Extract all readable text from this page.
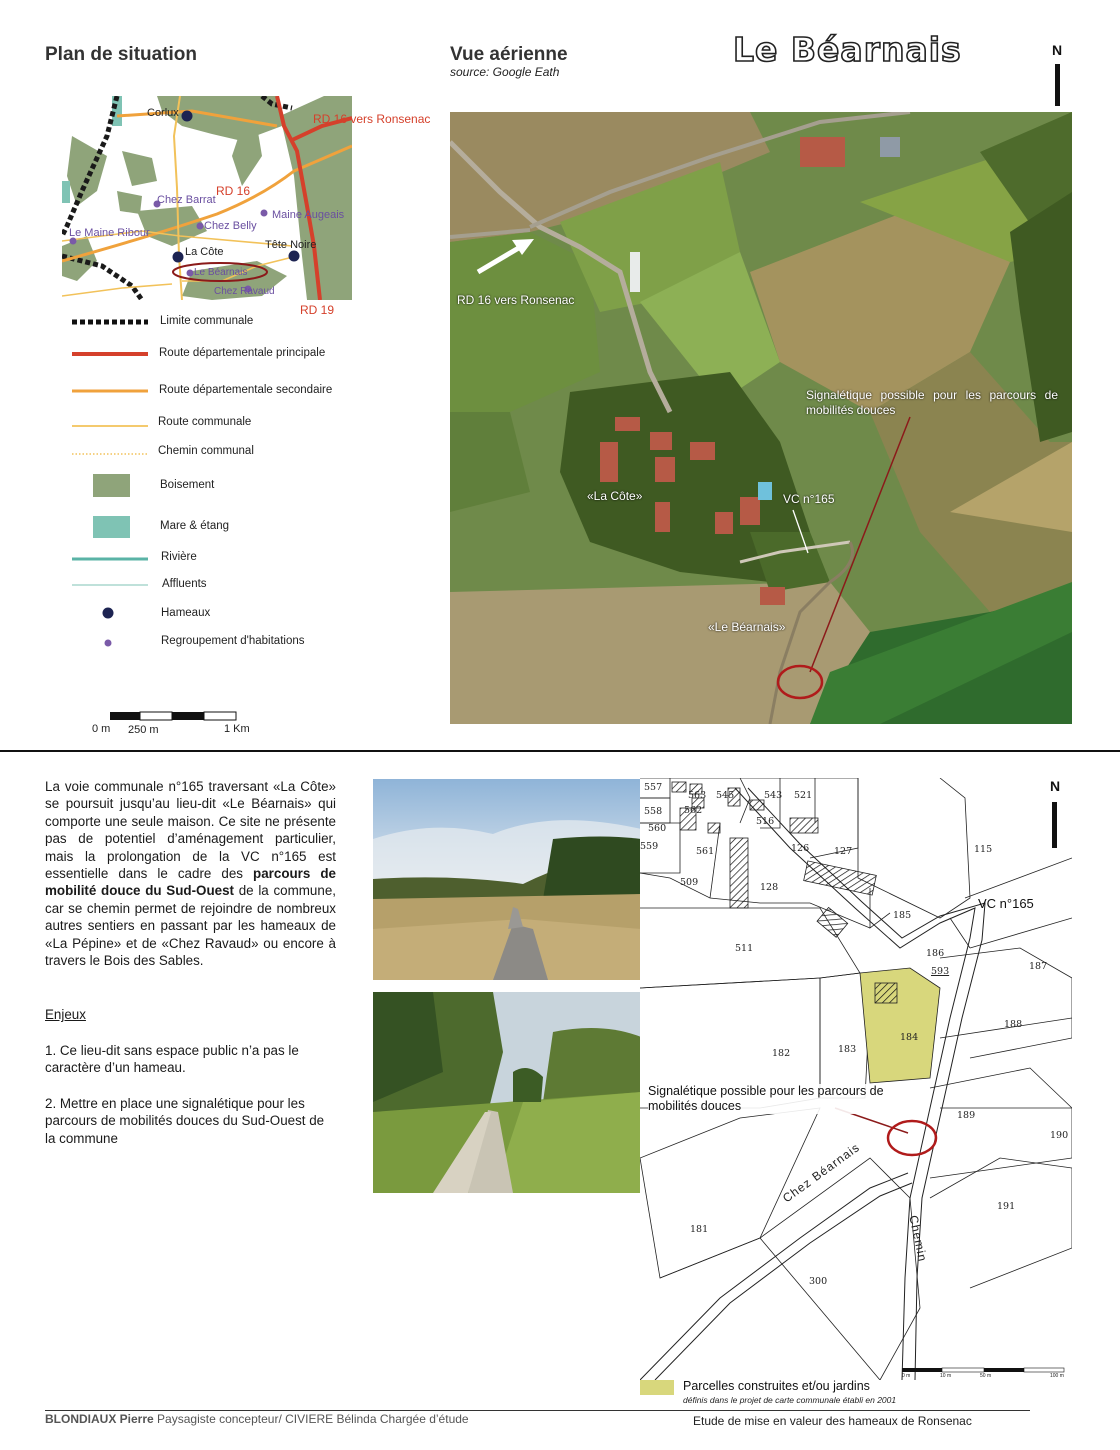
Plan de situation	Vue aérienne
source: Google Eath
Le Béarnais	N
Corlux	RD 16 vers Ronsenac
RD 16
Chez Barrat
Maine Augeais
Chez Belly
Le Maine Ribour
La Côte
Tête Noire
Le Béarnais
Chez Ravaud
RD 19
Limite communale
Route départementale principale
Route départementale secondaire
Route communale
Chemin communal
Boisement
Mare & étang
Rivière
Affluents
Hameaux
Regroupement d'habitations
0 m 250 m	1 Km
RD 16 vers Ronsenac
Signalétique possible pour les parcours de mobilités douces
«La Côte»	VC n°165
«Le Béarnais»
La voie communale n°165 traversant «La Côte» se poursuit jusqu’au lieu-dit «Le Béarnais» qui comporte une seule maison. Ce site ne présente pas de potentiel d’aménagement particulier, mais la prolongation de la VC n°165 est essentielle dans le cadre des parcours de mobilité douce du Sud-Ouest de la commune, car se chemin permet de rejoindre de nombreux autres sentiers en passant par les hameaux de «La Pépine» et de «Chez Ravaud» ou encore à travers le Bois des Sables.
Enjeux
1. Ce lieu-dit sans espace public n’a pas le caractère d’un hameau.
2. Mettre en place une signalétique pour les parcours de mobilités douces du Sud-Ouest de la commune
557
558
560
559
562
563 545	543 521
516
561	126	127	115
509	128
185
511	186
593	187
188
184
182	183
189
190
191
181
300
VC n°165
Signalétique possible pour les parcours de mobilités douces
Chez Béarnais
Chemin
0 m	10 m	50 m	100 m
N
Parcelles construites et/ou jardins
définis dans le projet de carte communale établi en 2001
BLONDIAUX Pierre Paysagiste concepteur/ CIVIERE Bélinda Chargée d’étude	Etude de mise en valeur des hameaux de Ronsenac
